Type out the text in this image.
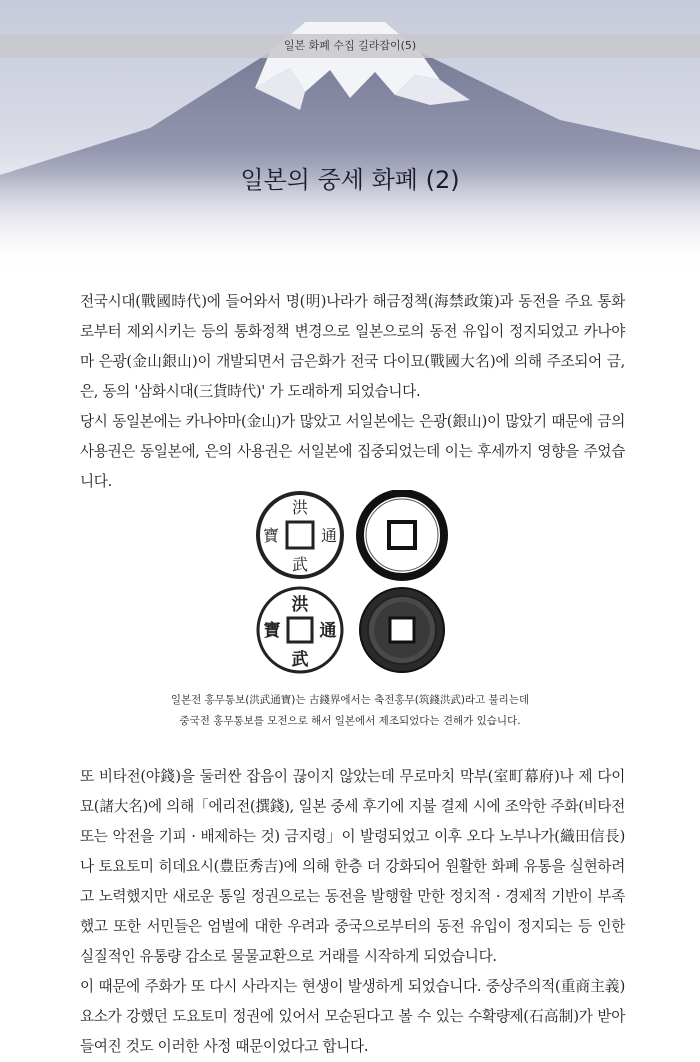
일본 화폐 수집 길라잡이(5)
일본의 중세 화폐 (2)

전국시대(戰國時代)에 들어와서 명(明)나라가 해금정책(海禁政策)과 동전을 주요 통화로부터 제외시키는 등의 통화정책 변경으로 일본으로의 동전 유입이 정지되었고 카나야마 은광(金山銀山)이 개발되면서 금은화가 전국 다이묘(戰國大名)에 의해 주조되어 금, 은, 동의 '삼화시대(三貨時代)' 가 도래하게 되었습니다.

당시 동일본에는 카나야마(金山)가 많았고 서일본에는 은광(銀山)이 많았기 때문에 금의 사용권은 동일본에, 은의 사용권은 서일본에 집중되었는데 이는 후세까지 영향을 주었습니다.

洪
武
寶	通
洪
武
寶 通
일본전 홍무통보(洪武通寶)는 古錢界에서는 축전홍무(筑錢洪武)라고 불리는데
중국전 홍무통보를 모전으로 해서 일본에서 제조되었다는 견해가 있습니다.
또 비타전(야錢)을 둘러싼 잡음이 끊이지 않았는데 무로마치 막부(室町幕府)나 제 다이묘(諸大名)에 의해「에리전(撰錢), 일본 중세 후기에 지불 결제 시에 조악한 주화(비타전 또는 악전을 기피 · 배제하는 것) 금지령」이 발령되었고 이후 오다 노부나가(織田信長)나 토요토미 히데요시(豊臣秀吉)에 의해 한층 더 강화되어 원활한 화폐 유통을 실현하려고 노력했지만 새로운 통일 정권으로는 동전을 발행할 만한 정치적 · 경제적 기반이 부족했고 또한 서민들은 엄벌에 대한 우려과 중국으로부터의 동전 유입이 정지되는 등 인한 실질적인 유통량 감소로 물물교환으로 거래를 시작하게 되었습니다.
이 때문에 주화가 또 다시 사라지는 현생이 발생하게 되었습니다. 중상주의적(重商主義) 요소가 강했던 도요토미 정권에 있어서 모순된다고 볼 수 있는 수확량제(石高制)가 받아들여진 것도 이러한 사정 때문이었다고 합니다.
